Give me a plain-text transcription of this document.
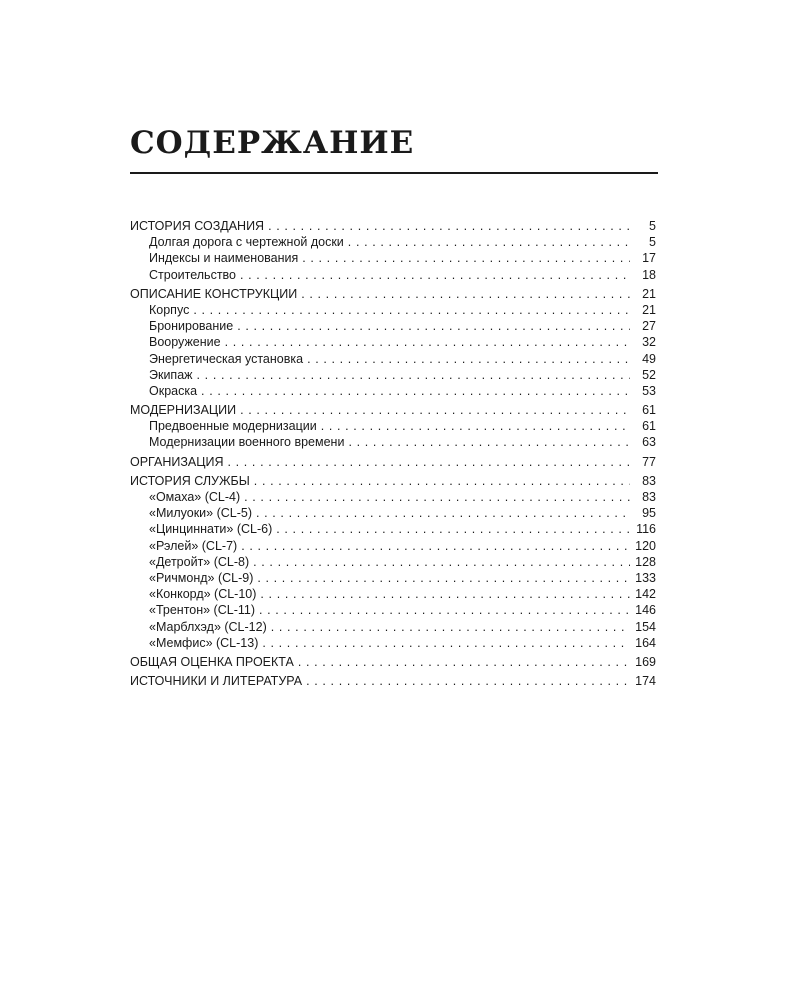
СОДЕРЖАНИЕ
ИСТОРИЯ СОЗДАНИЯ . . .	5
Долгая дорога с чертежной доски . . .	5
Индексы и наименования . . .	17
Строительство . . .	18
ОПИСАНИЕ КОНСТРУКЦИИ . . .	21
Корпус . . .	21
Бронирование . . .	27
Вооружение . . .	32
Энергетическая установка . . .	49
Экипаж . . .	52
Окраска . . .	53
МОДЕРНИЗАЦИИ . . .	61
Предвоенные модернизации . . .	61
Модернизации военного времени . . .	63
ОРГАНИЗАЦИЯ . . .	77
ИСТОРИЯ СЛУЖБЫ . . .	83
«Омаха» (CL-4) . . .	83
«Милуоки» (CL-5) . . .	95
«Цинциннати» (CL-6) . . .	116
«Рэлей» (CL-7) . . .	120
«Детройт» (CL-8) . . .	128
«Ричмонд» (CL-9) . . .	133
«Конкорд» (CL-10) . . .	142
«Трентон» (CL-11) . . .	146
«Марблхэд» (CL-12) . . .	154
«Мемфис» (CL-13) . . .	164
ОБЩАЯ ОЦЕНКА ПРОЕКТА . . .	169
ИСТОЧНИКИ И ЛИТЕРАТУРА . . .	174
